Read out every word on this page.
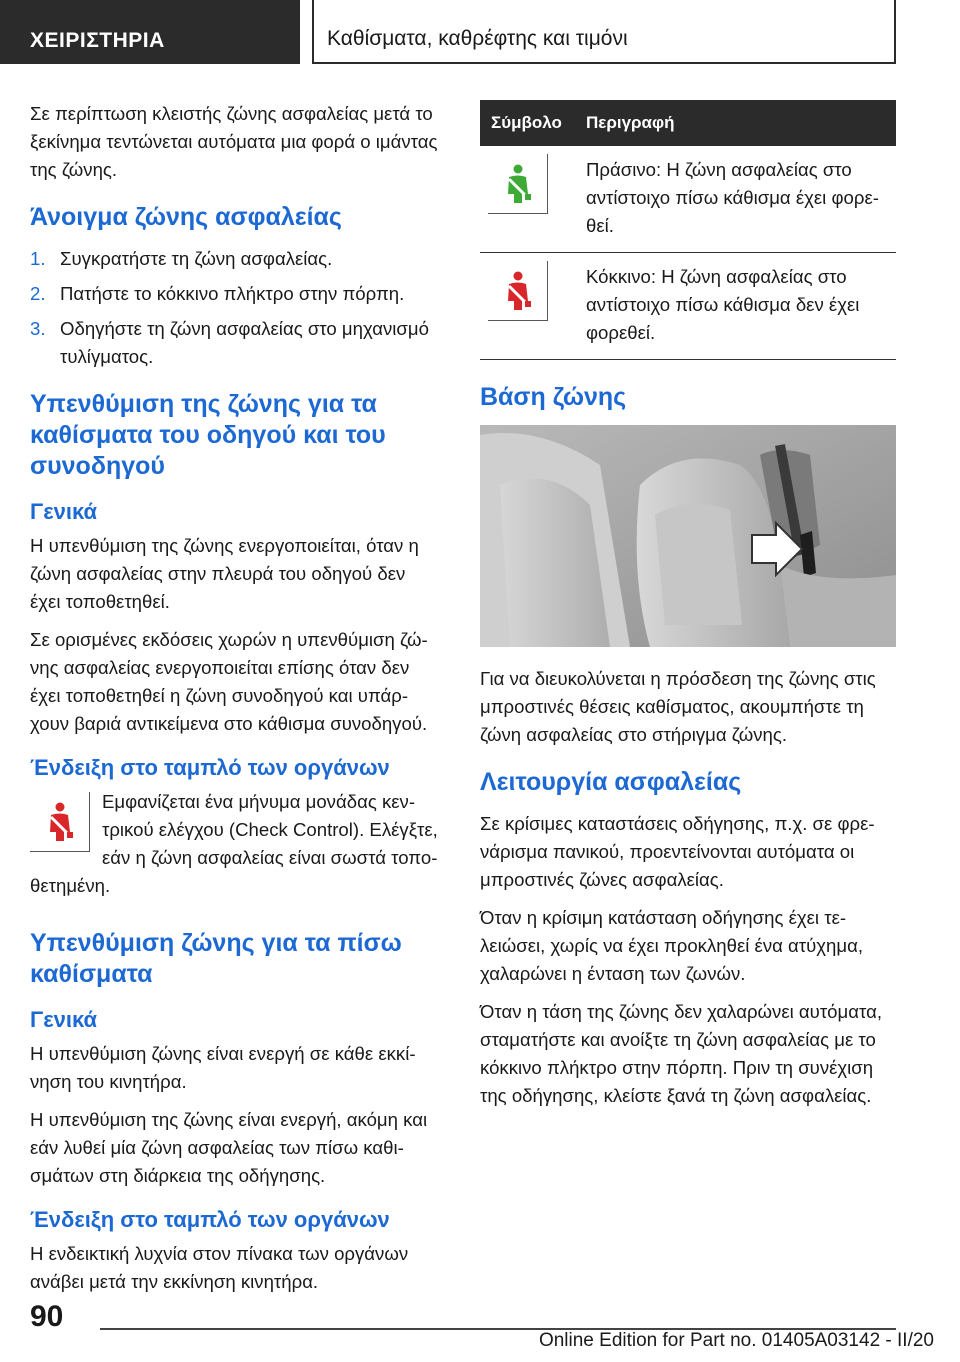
ΧΕΙΡΙΣΤΗΡΙΑ	Καθίσματα, καθρέφτης και τιμόνι

Σε περίπτωση κλειστής ζώνης ασφαλείας μετά το ξεκίνημα τεντώνεται αυτόματα μια φορά ο ιμάντας της ζώνης.

Άνοιγμα ζώνης ασφαλείας
1. Συγκρατήστε τη ζώνη ασφαλείας.
2. Πατήστε το κόκκινο πλήκτρο στην πόρπη.
3. Οδηγήστε τη ζώνη ασφαλείας στο μηχανισμό τυλίγματος.
Υπενθύμιση της ζώνης για τα καθίσματα του οδηγού και του συνοδηγού
Γενικά

Η υπενθύμιση της ζώνης ενεργοποιείται, όταν η ζώνη ασφαλείας στην πλευρά του οδηγού δεν έχει τοποθετηθεί.

Σε ορισμένες εκδόσεις χωρών η υπενθύμιση ζώνης ασφαλείας ενεργοποιείται επίσης όταν δεν έχει τοποθετηθεί η ζώνη συνοδηγού και υπάρχουν βαριά αντικείμενα στο κάθισμα συνοδηγού.

Ένδειξη στο ταμπλό των οργάνων

Εμφανίζεται ένα μήνυμα μονάδας κεντρικού ελέγχου (Check Control). Ελέγξτε, εάν η ζώνη ασφαλείας είναι σωστά τοποθετημένη.

Υπενθύμιση ζώνης για τα πίσω καθίσματα
Γενικά

Η υπενθύμιση ζώνης είναι ενεργή σε κάθε εκκίνηση του κινητήρα.

Η υπενθύμιση της ζώνης είναι ενεργή, ακόμη και εάν λυθεί μία ζώνη ασφαλείας των πίσω καθισμάτων στη διάρκεια της οδήγησης.

Ένδειξη στο ταμπλό των οργάνων

Η ενδεικτική λυχνία στον πίνακα των οργάνων ανάβει μετά την εκκίνηση κινητήρα.

Σύμβολο	Περιγραφή

	Πράσινο: Η ζώνη ασφαλείας στο αντίστοιχο πίσω κάθισμα έχει φορεθεί.

	Κόκκινο: Η ζώνη ασφαλείας στο αντίστοιχο πίσω κάθισμα δεν έχει φορεθεί.
Βάση ζώνης

Για να διευκολύνεται η πρόσδεση της ζώνης στις μπροστινές θέσεις καθίσματος, ακουμπήστε τη ζώνη ασφαλείας στο στήριγμα ζώνης.

Λειτουργία ασφαλείας

Σε κρίσιμες καταστάσεις οδήγησης, π.χ. σε φρενάρισμα πανικού, προεντείνονται αυτόματα οι μπροστινές ζώνες ασφαλείας.

Όταν η κρίσιμη κατάσταση οδήγησης έχει τελειώσει, χωρίς να έχει προκληθεί ένα ατύχημα, χαλαρώνει η ένταση των ζωνών.

Όταν η τάση της ζώνης δεν χαλαρώνει αυτόματα, σταματήστε και ανοίξτε τη ζώνη ασφαλείας με το κόκκινο πλήκτρο στην πόρπη. Πριν τη συνέχιση της οδήγησης, κλείστε ξανά τη ζώνη ασφαλείας.

90
Online Edition for Part no. 01405A03142 - II/20
